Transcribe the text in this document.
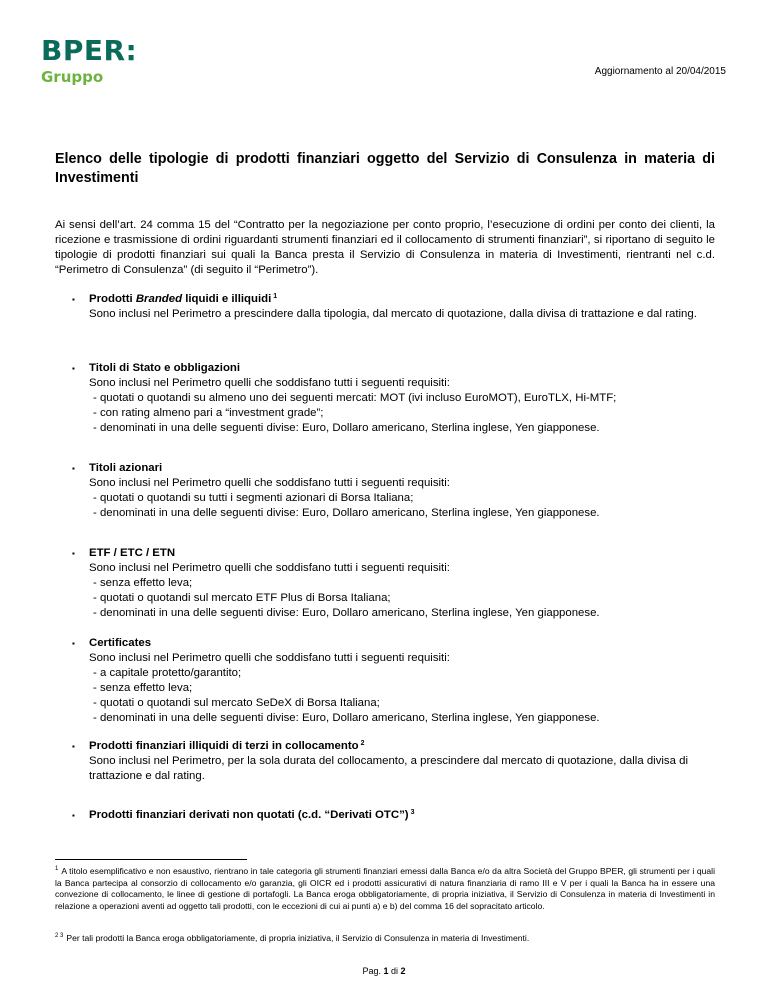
BPER:
Gruppo	Aggiornamento al 20/04/2015
Elenco delle tipologie di prodotti finanziari oggetto del Servizio di Consulenza in materia di Investimenti
Ai sensi dell’art. 24 comma 15 del “Contratto per la negoziazione per conto proprio, l’esecuzione di ordini per conto dei clienti, la ricezione e trasmissione di ordini riguardanti strumenti finanziari ed il collocamento di strumenti finanziari”, si riportano di seguito le tipologie di prodotti finanziari sui quali la Banca presta il Servizio di Consulenza in materia di Investimenti, rientranti nel c.d. “Perimetro di Consulenza” (di seguito il “Perimetro”).
▪ Prodotti Branded liquidi e illiquidi $^1$
Sono inclusi nel Perimetro a prescindere dalla tipologia, dal mercato di quotazione, dalla divisa di trattazione e dal rating.
▪ Titoli di Stato e obbligazioni
Sono inclusi nel Perimetro quelli che soddisfano tutti i seguenti requisiti:
- quotati o quotandi su almeno uno dei seguenti mercati: MOT (ivi incluso EuroMOT), EuroTLX, Hi-MTF;
- con rating almeno pari a “investment grade”;
- denominati in una delle seguenti divise: Euro, Dollaro americano, Sterlina inglese, Yen giapponese.
▪ Titoli azionari
Sono inclusi nel Perimetro quelli che soddisfano tutti i seguenti requisiti:
- quotati o quotandi su tutti i segmenti azionari di Borsa Italiana;
- denominati in una delle seguenti divise: Euro, Dollaro americano, Sterlina inglese, Yen giapponese.
▪ ETF / ETC / ETN
Sono inclusi nel Perimetro quelli che soddisfano tutti i seguenti requisiti:
- senza effetto leva;
- quotati o quotandi sul mercato ETF Plus di Borsa Italiana;
- denominati in una delle seguenti divise: Euro, Dollaro americano, Sterlina inglese, Yen giapponese.
▪ Certificates
Sono inclusi nel Perimetro quelli che soddisfano tutti i seguenti requisiti:
- a capitale protetto/garantito;
- senza effetto leva;
- quotati o quotandi sul mercato SeDeX di Borsa Italiana;
- denominati in una delle seguenti divise: Euro, Dollaro americano, Sterlina inglese, Yen giapponese.
▪ Prodotti finanziari illiquidi di terzi in collocamento $^2$
Sono inclusi nel Perimetro, per la sola durata del collocamento, a prescindere dal mercato di quotazione, dalla divisa di trattazione e dal rating.
▪ Prodotti finanziari derivati non quotati (c.d. “Derivati OTC”) $^3$
$^1$ A titolo esemplificativo e non esaustivo, rientrano in tale categoria gli strumenti finanziari emessi dalla Banca e/o da altra Società del Gruppo BPER, gli strumenti per i quali la Banca partecipa al consorzio di collocamento e/o garanzia, gli OICR ed i prodotti assicurativi di natura finanziaria di ramo III e V per i quali la Banca ha in essere una convezione di collocamento, le linee di gestione di portafogli. La Banca eroga obbligatoriamente, di propria iniziativa, il Servizio di Consulenza in materia di Investimenti in relazione a operazioni aventi ad oggetto tali prodotti, con le eccezioni di cui ai punti a) e b) del comma 16 del sopracitato articolo.
$^{2 3}$ Per tali prodotti la Banca eroga obbligatoriamente, di propria iniziativa, il Servizio di Consulenza in materia di Investimenti.
Pag. 1 di 2
